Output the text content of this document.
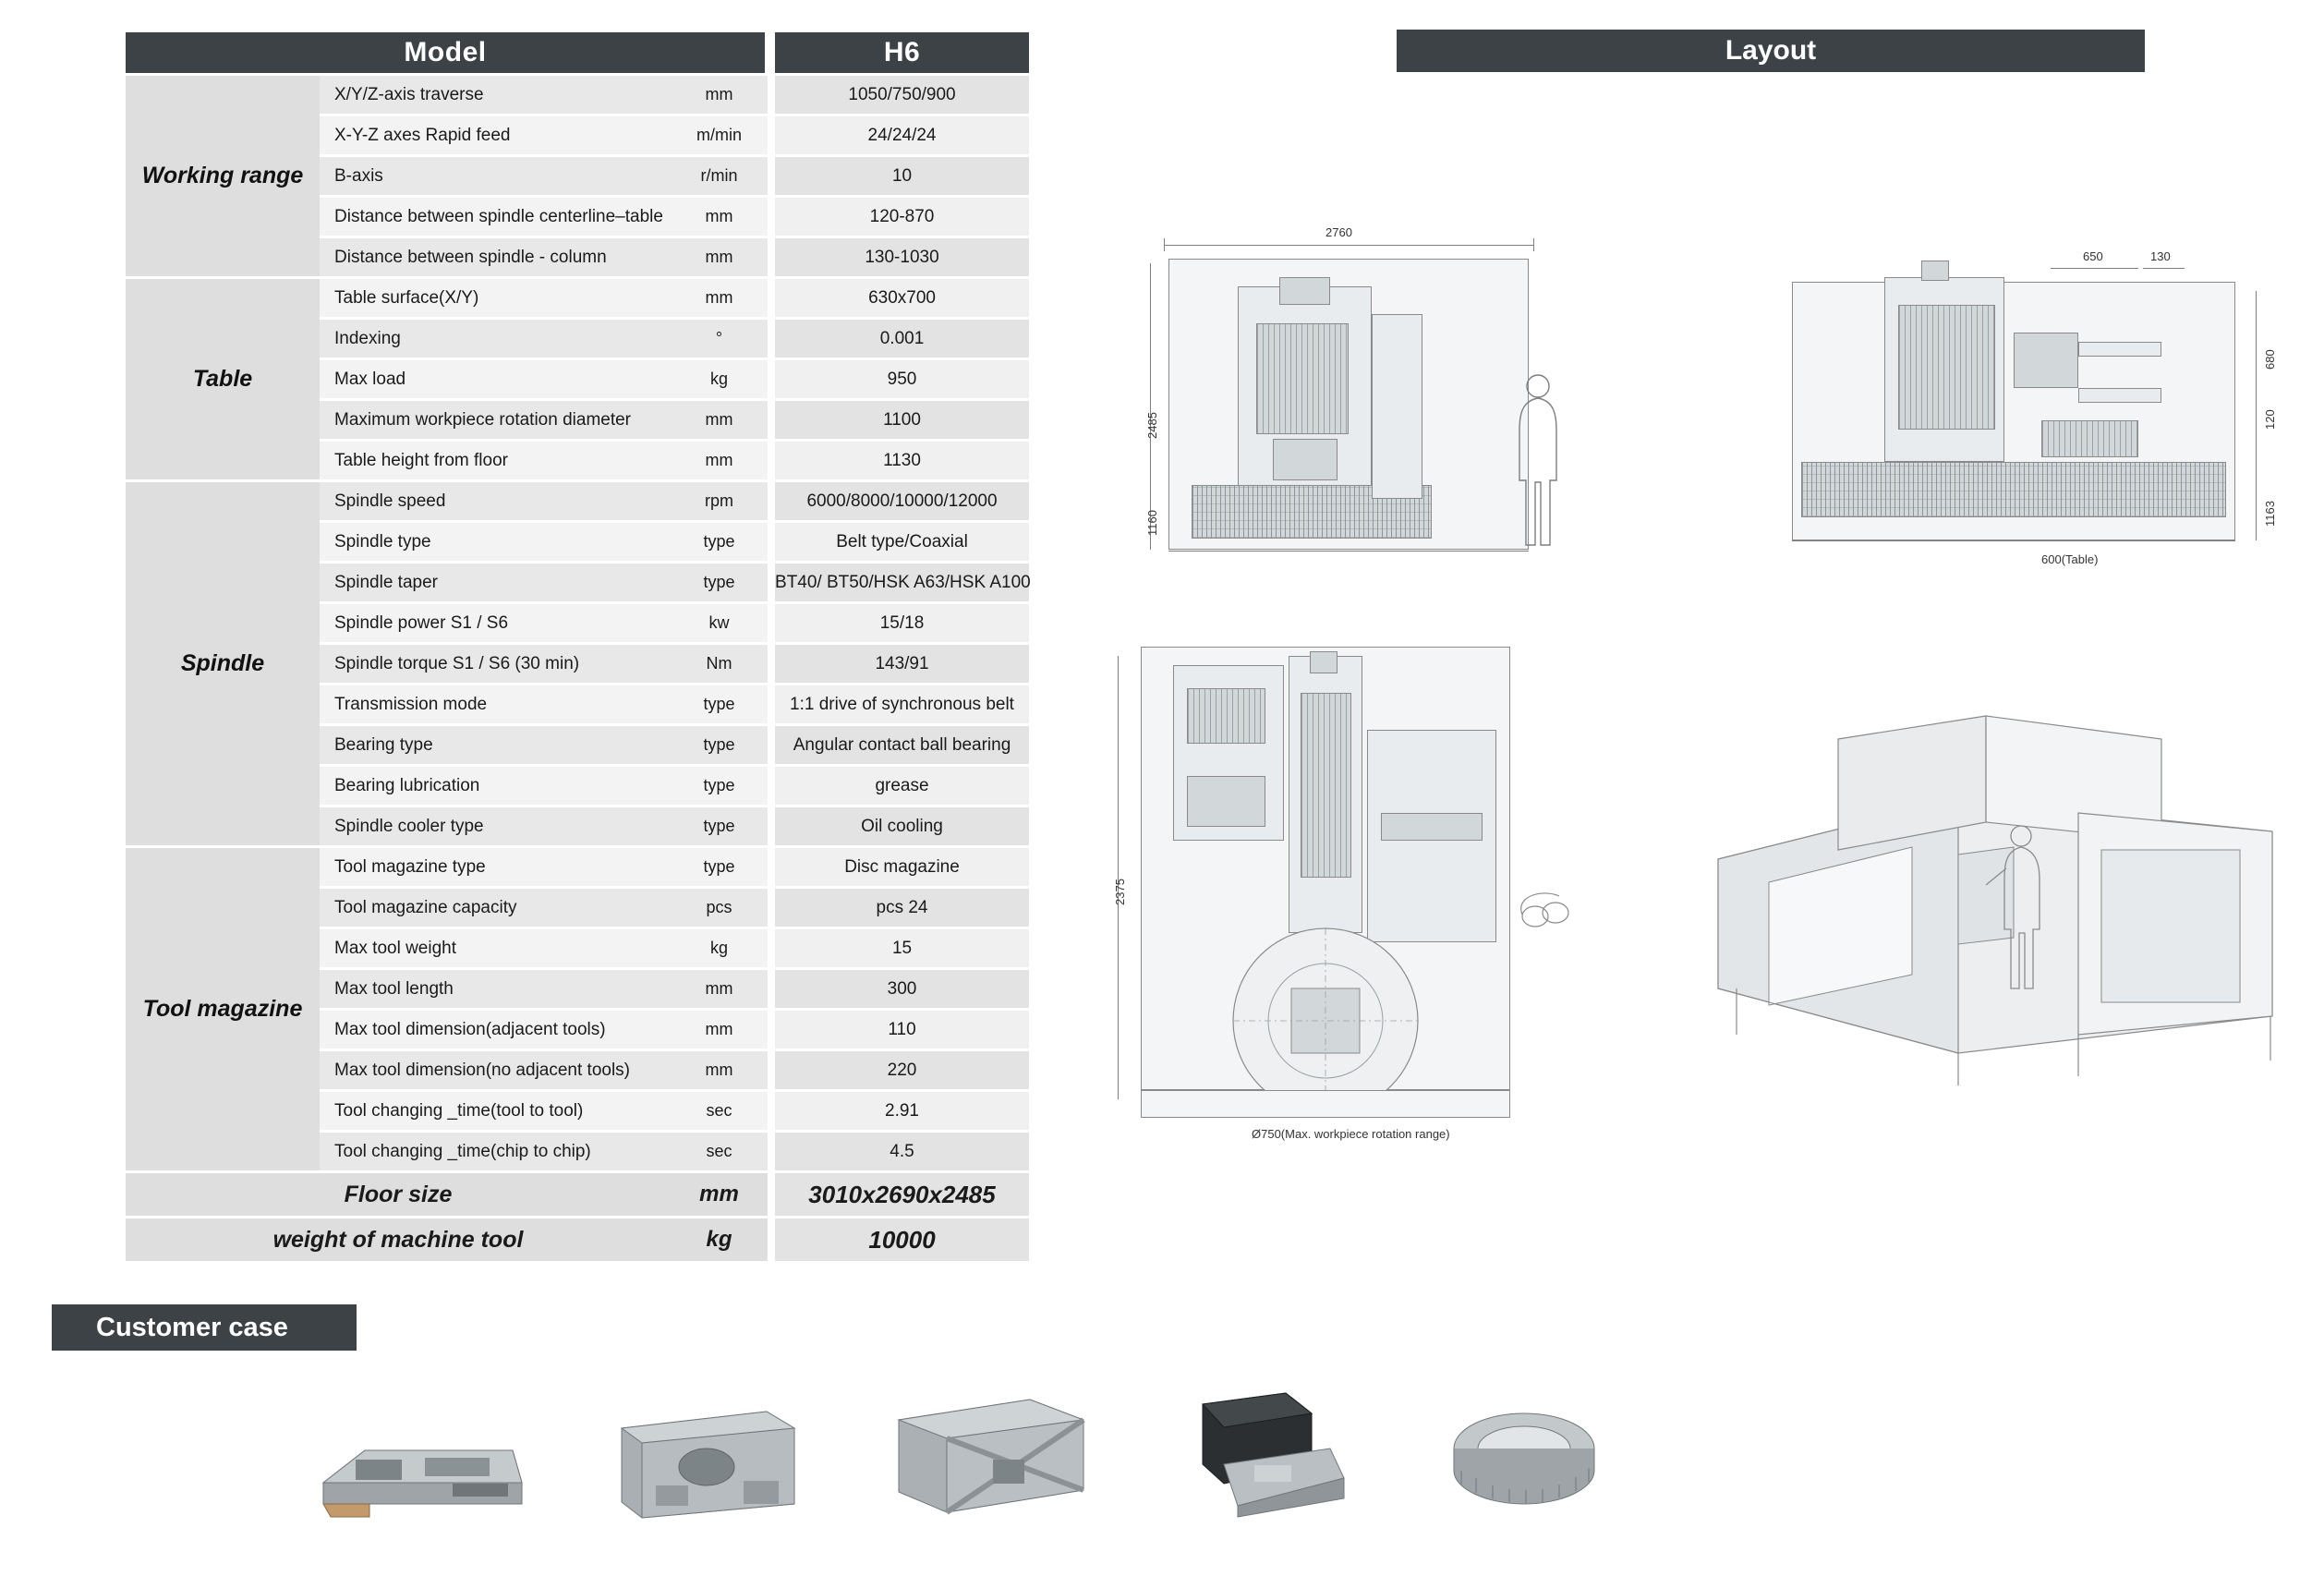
Model				H6
Working range	X/Y/Z-axis traverse	mm		1050/750/900
	X-Y-Z axes Rapid feed	m/min		24/24/24
	B-axis	r/min		10
	Distance between spindle centerline–table	mm		120-870
	Distance between spindle - column	mm		130-1030
Table	Table surface(X/Y)	mm		630x700
	Indexing	°		0.001
	Max load	kg		950
	Maximum workpiece rotation diameter	mm		1100
	Table height from floor	mm		1130
Spindle	Spindle speed	rpm		6000/8000/10000/12000
	Spindle type	type		Belt type/Coaxial
	Spindle taper	type		BT40/ BT50/HSK A63/HSK A100
	Spindle power S1 / S6	kw		15/18
	Spindle torque S1 / S6 (30 min)	Nm		143/91
	Transmission mode	type		1:1 drive of synchronous belt
	Bearing type	type		Angular contact ball bearing
	Bearing lubrication	type		grease
	Spindle cooler type	type		Oil cooling
Tool magazine	Tool magazine type	type		Disc magazine
	Tool magazine capacity	pcs		pcs 24
	Max tool weight	kg		15
	Max tool length	mm		300
	Max tool dimension(adjacent tools)	mm		110
	Max tool dimension(no adjacent tools)	mm		220
	Tool changing _time(tool to tool)	sec		2.91
	Tool changing _time(chip to chip)	sec		4.5
Floor size		mm		3010x2690x2485
weight of machine tool		kg		10000
Layout
2760
2485
1160
650	130
680
120
1163
600(Table)
2375
Ø750(Max. workpiece rotation range)
Customer case
